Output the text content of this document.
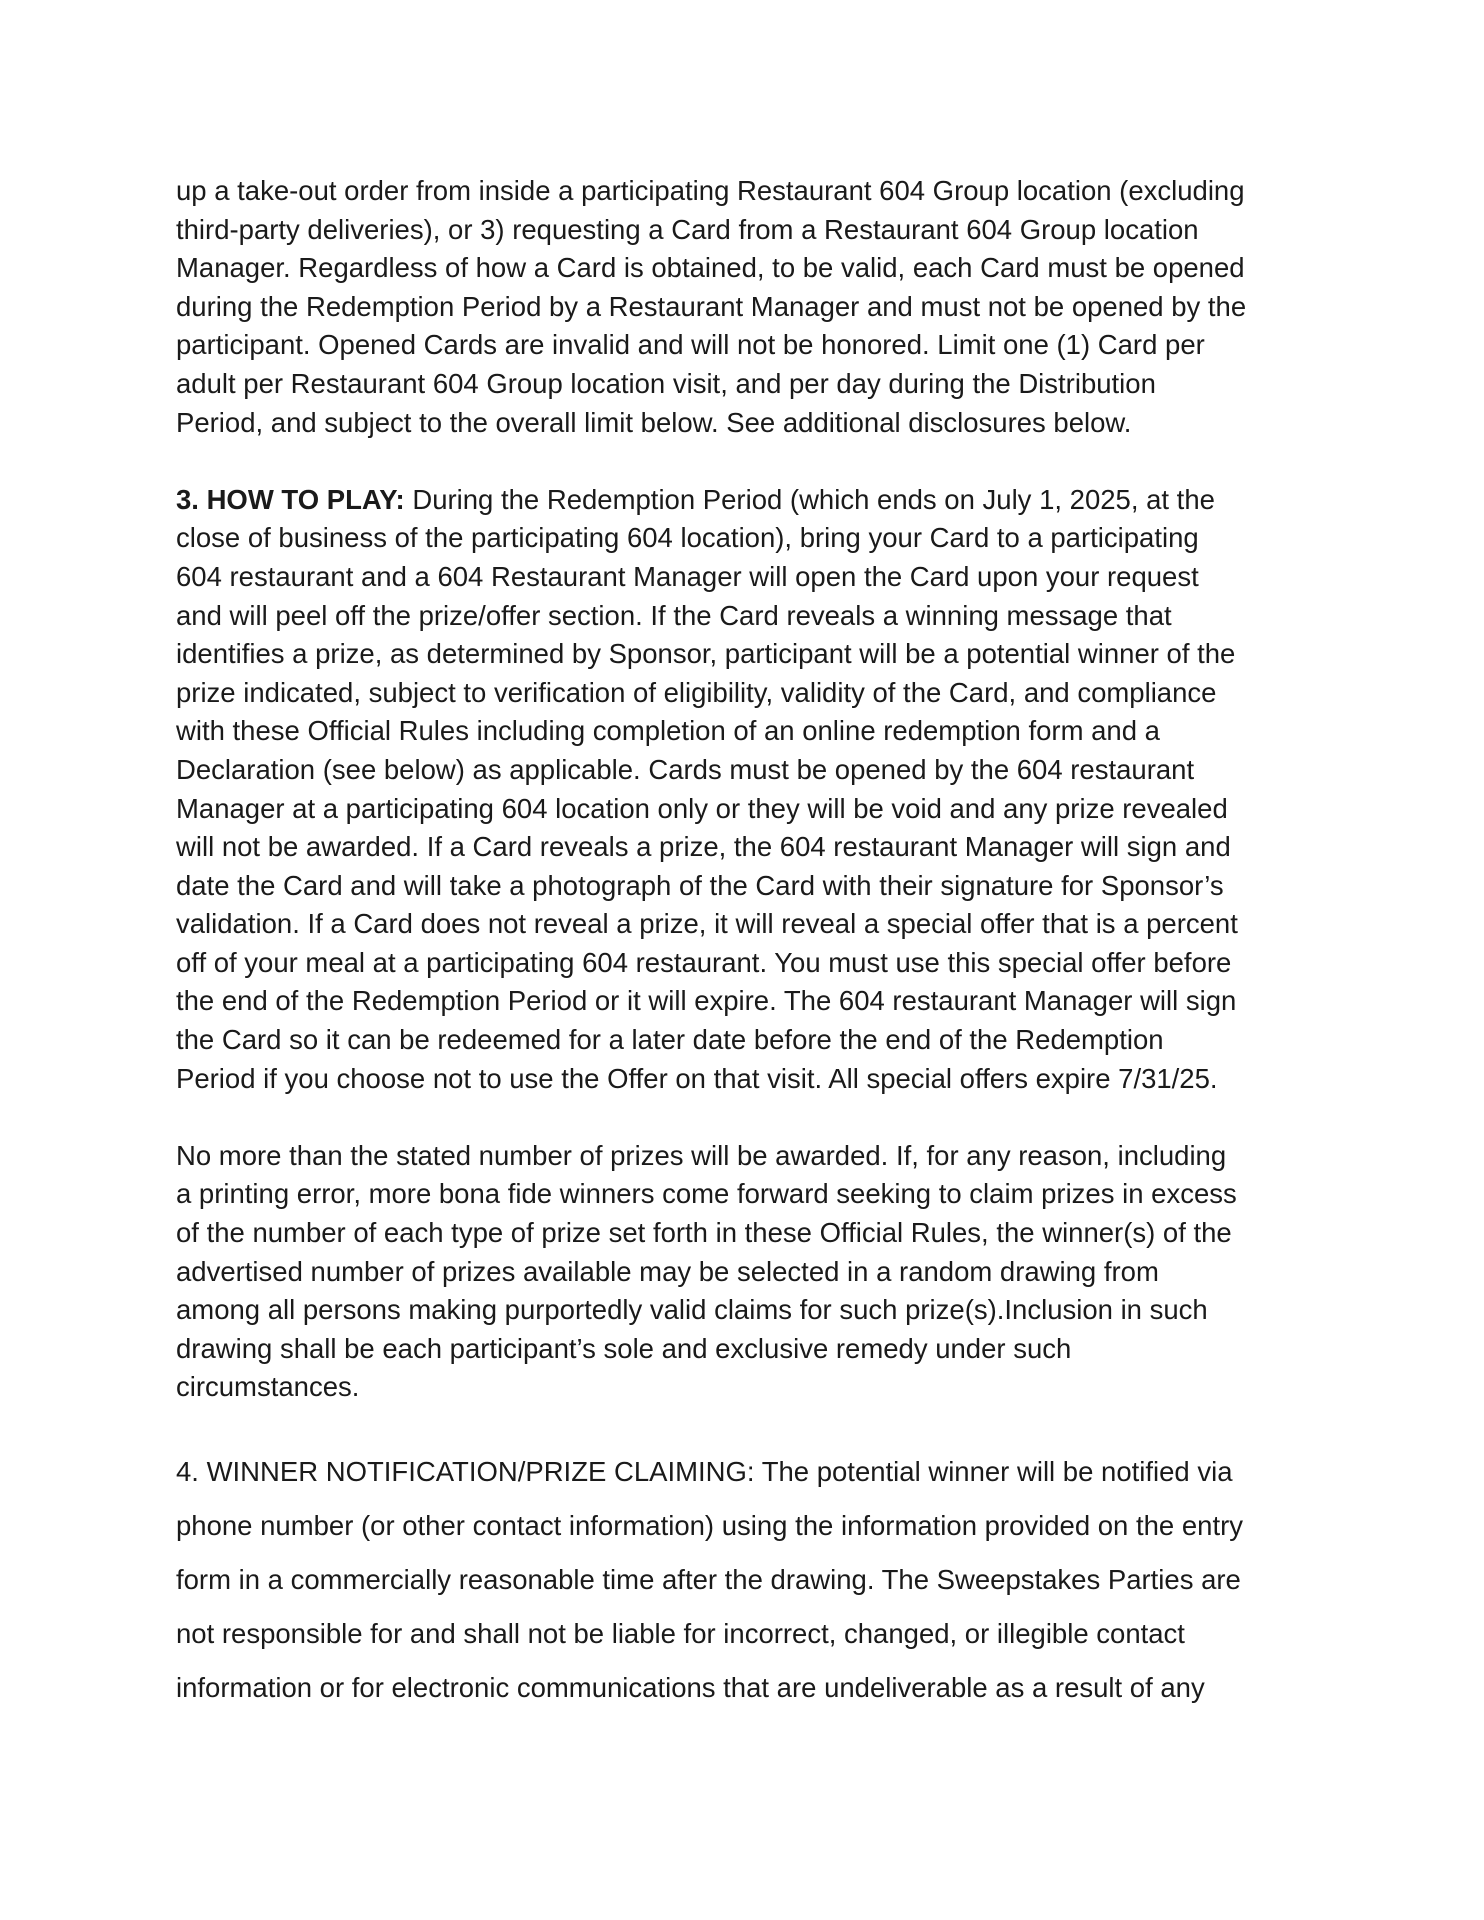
up a take-out order from inside a participating Restaurant 604 Group location (excluding
third-party deliveries), or 3) requesting a Card from a Restaurant 604 Group location
Manager. Regardless of how a Card is obtained, to be valid, each Card must be opened
during the Redemption Period by a Restaurant Manager and must not be opened by the
participant. Opened Cards are invalid and will not be honored. Limit one (1) Card per
adult per Restaurant 604 Group location visit, and per day during the Distribution
Period, and subject to the overall limit below. See additional disclosures below.

3. HOW TO PLAY: During the Redemption Period (which ends on July 1, 2025, at the
close of business of the participating 604 location), bring your Card to a participating
604 restaurant and a 604 Restaurant Manager will open the Card upon your request
and will peel off the prize/offer section. If the Card reveals a winning message that
identifies a prize, as determined by Sponsor, participant will be a potential winner of the
prize indicated, subject to verification of eligibility, validity of the Card, and compliance
with these Official Rules including completion of an online redemption form and a
Declaration (see below) as applicable. Cards must be opened by the 604 restaurant
Manager at a participating 604 location only or they will be void and any prize revealed
will not be awarded. If a Card reveals a prize, the 604 restaurant Manager will sign and
date the Card and will take a photograph of the Card with their signature for Sponsor’s
validation. If a Card does not reveal a prize, it will reveal a special offer that is a percent
off of your meal at a participating 604 restaurant. You must use this special offer before
the end of the Redemption Period or it will expire. The 604 restaurant Manager will sign
the Card so it can be redeemed for a later date before the end of the Redemption
Period if you choose not to use the Offer on that visit. All special offers expire 7/31/25.

No more than the stated number of prizes will be awarded. If, for any reason, including
a printing error, more bona fide winners come forward seeking to claim prizes in excess
of the number of each type of prize set forth in these Official Rules, the winner(s) of the
advertised number of prizes available may be selected in a random drawing from
among all persons making purportedly valid claims for such prize(s).Inclusion in such
drawing shall be each participant’s sole and exclusive remedy under such
circumstances.

4. WINNER NOTIFICATION/PRIZE CLAIMING: The potential winner will be notified via
phone number (or other contact information) using the information provided on the entry
form in a commercially reasonable time after the drawing. The Sweepstakes Parties are
not responsible for and shall not be liable for incorrect, changed, or illegible contact
information or for electronic communications that are undeliverable as a result of any
